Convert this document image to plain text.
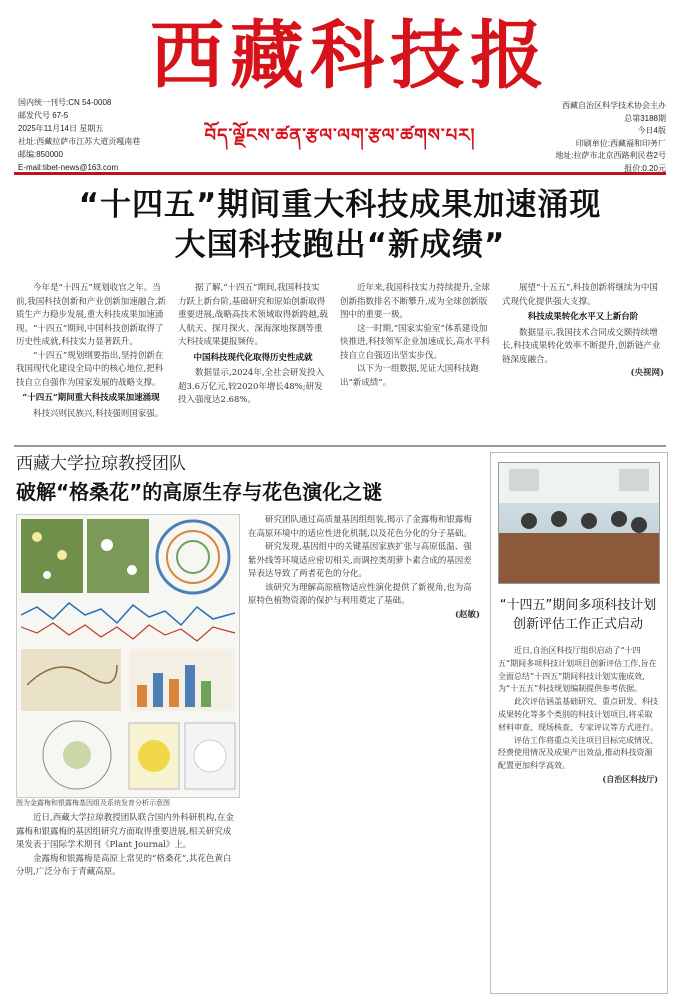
西藏科技报
བོད་ལྗོངས་ཚན་རྩལ་ལག་རྩལ་ཚགས་པར།
国内统一刊号:CN 54-0008
邮发代号 67-5
2025年11月14日 星期五
社址:西藏拉萨市江苏大道贡嘎南巷
邮编:850000
E-mail:tibet-news@163.com
西藏自治区科学技术协会主办
总第3188期
今日4版
印刷单位:西藏福和印务厂
地址:拉萨市北京西路利民巷2号
报价:0.20元
“十四五”期间重大科技成果加速涌现
大国科技跑出“新成绩”

今年是“十四五”规划收官之年。当前,我国科技创新和产业创新加速融合,新质生产力稳步发展,重大科技成果加速涌现。“十四五”期间,中国科技创新取得了历史性成就,科技实力显著跃升。

“十四五”规划纲要指出,坚持创新在我国现代化建设全局中的核心地位,把科技自立自强作为国家发展的战略支撑。

“十四五”期间重大科技成果加速涌现

科技兴则民族兴,科技强则国家强。

据了解,“十四五”期间,我国科技实力跃上新台阶,基础研究和原始创新取得重要进展,战略高技术领域取得新跨越,载人航天、探月探火、深海深地探测等重大科技成果捷报频传。

中国科技现代化取得历史性成就

数据显示,2024年,全社会研发投入超3.6万亿元,较2020年增长48%;研发投入强度达2.68%。

近年来,我国科技实力持续提升,全球创新指数排名不断攀升,成为全球创新版图中的重要一极。

这一时期,“国家实验室”体系建设加快推进,科技领军企业加速成长,高水平科技自立自强迈出坚实步伐。

以下为一组数据,见证大国科技跑出“新成绩”。

展望“十五五”,科技创新将继续为中国式现代化提供强大支撑。

科技成果转化水平又上新台阶

数据显示,我国技术合同成交额持续增长,科技成果转化效率不断提升,创新链产业链深度融合。

(央视网)
西藏大学拉琼教授团队
破解“格桑花”的高原生存与花色演化之谜
图为金露梅和银露梅基因组及系统发育分析示意图

近日,西藏大学拉琼教授团队联合国内外科研机构,在金露梅和银露梅的基因组研究方面取得重要进展,相关研究成果发表于国际学术期刊《Plant Journal》上。

金露梅和银露梅是高原上常见的“格桑花”,其花色黄白分明,广泛分布于青藏高原。

研究团队通过高质量基因组组装,揭示了金露梅和银露梅在高原环境中的适应性进化机制,以及花色分化的分子基础。

研究发现,基因组中的关键基因家族扩张与高原低温、强紫外线等环境适应密切相关,而调控类胡萝卜素合成的基因差异表达导致了两者花色的分化。

该研究为理解高原植物适应性演化提供了新视角,也为高原特色植物资源的保护与利用奠定了基础。

(赵敏)
“十四五”期间多项科技计划 创新评估工作正式启动

近日,自治区科技厅组织启动了“十四五”期间多项科技计划项目创新评估工作,旨在全面总结“十四五”期间科技计划实施成效,为“十五五”科技规划编制提供参考依据。

此次评估涵盖基础研究、重点研发、科技成果转化等多个类别的科技计划项目,将采取材料审查、现场核查、专家评议等方式进行。

评估工作将重点关注项目目标完成情况、经费使用情况及成果产出效益,推动科技资源配置更加科学高效。

(自治区科技厅)
